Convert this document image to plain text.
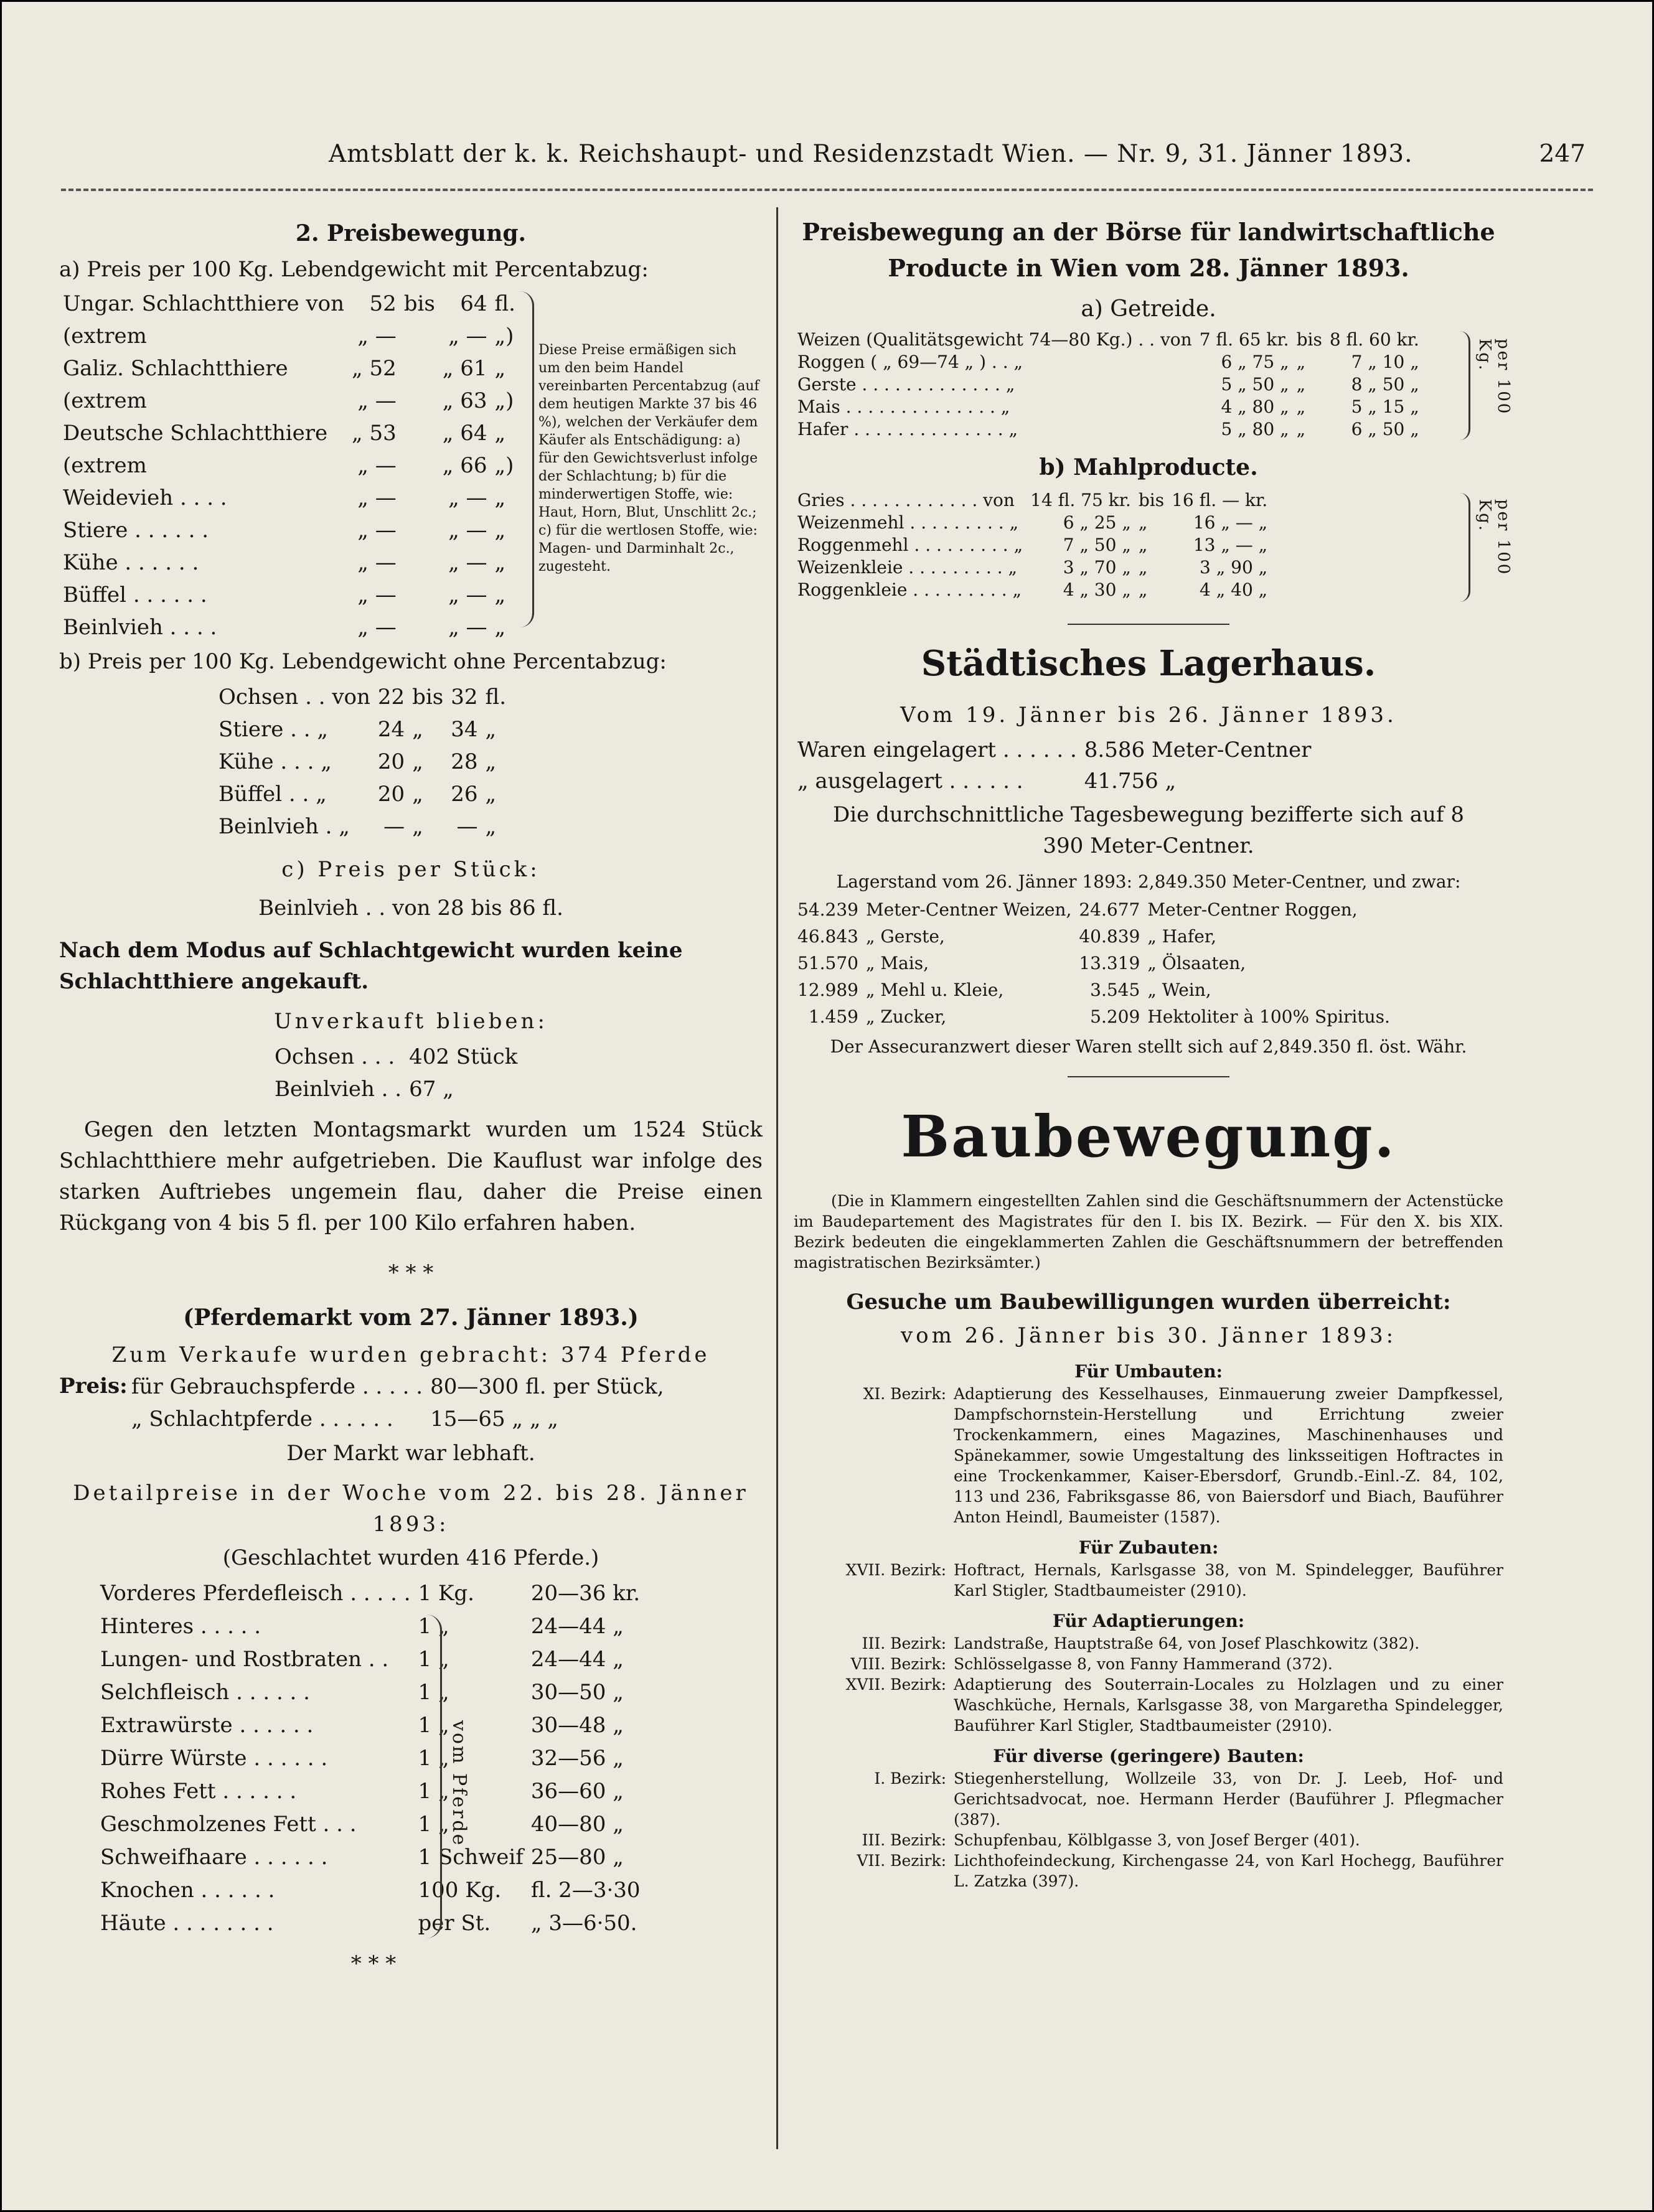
Amtsblatt der k. k. Reichshaupt- und Residenzstadt Wien. — Nr. 9, 31. Jänner 1893.	247
2. Preisbewegung.
a) Preis per 100 Kg. Lebendgewicht mit Percentabzug:
Ungar. Schlachtthiere von	52	bis	64	fl.
(extrem	„ —		„ —	„)
Galiz. Schlachtthiere	„ 52		„ 61	„
(extrem	„ —		„ 63	„)
Deutsche Schlachtthiere	„ 53		„ 64	„
(extrem	„ —		„ 66	„)
Weidevieh . . . .	„ —		„ —	„
Stiere . . . . . .	„ —		„ —	„
Kühe . . . . . .	„ —		„ —	„
Büffel . . . . . .	„ —		„ —	„
Beinlvieh . . . .	„ —		„ —	„
Diese Preise ermäßigen sich um den beim Handel vereinbarten Percentabzug (auf dem heutigen Markte 37 bis 46 %), welchen der Verkäufer dem Käufer als Entschädigung: a) für den Gewichtsverlust infolge der Schlachtung; b) für die minderwertigen Stoffe, wie: Haut, Horn, Blut, Unschlitt 2c.; c) für die wertlosen Stoffe, wie: Magen- und Darminhalt 2c., zugesteht.
b) Preis per 100 Kg. Lebendgewicht ohne Percentabzug:
Ochsen . . von	22	bis	32	fl.
Stiere . . „	24	„	34	„
Kühe . . . „	20	„	28	„
Büffel . . „	20	„	26	„
Beinlvieh . „	—	„	—	„
c) Preis per Stück:
Beinlvieh . . von 28 bis 86 fl.
Nach dem Modus auf Schlachtgewicht wurden keine Schlachtthiere angekauft.
Unverkauft blieben:
Ochsen . . .	402 Stück
Beinlvieh . .	67 „
Gegen den letzten Montagsmarkt wurden um 1524 Stück Schlachtthiere mehr aufgetrieben. Die Kauflust war infolge des starken Auftriebes ungemein flau, daher die Preise einen Rückgang von 4 bis 5 fl. per 100 Kilo erfahren haben.
* * *
(Pferdemarkt vom 27. Jänner 1893.)
Zum Verkaufe wurden gebracht: 374 Pferde
Preis: für Gebrauchspferde . . . . .	80—300 fl. per Stück,
„ Schlachtpferde . . . . . .	15—65 „ „ „
Der Markt war lebhaft.
Detailpreise in der Woche vom 22. bis 28. Jänner 1893:
(Geschlachtet wurden 416 Pferde.)
Vorderes Pferdefleisch . . . . .	1 Kg.	20—36 kr.
Hinteres . . . . .	1 „	24—44 „
Lungen- und Rostbraten . .	1 „	24—44 „
Selchfleisch . . . . . .	1 „	30—50 „
Extrawürste . . . . . .	1 „	30—48 „
Dürre Würste . . . . . .	1 „	32—56 „
Rohes Fett . . . . . .	1 „	36—60 „
Geschmolzenes Fett . . .	1 „	40—80 „
Schweifhaare . . . . . .	1 Schweif	25—80 „
Knochen . . . . . .	100 Kg.	fl. 2—3·30
Häute . . . . . . . .	per St.	„ 3—6·50.
vom Pferde
* * *
Preisbewegung an der Börse für landwirtschaftliche Producte in Wien vom 28. Jänner 1893.
a) Getreide.
Weizen (Qualitätsgewicht 74—80 Kg.) . . von	7 fl. 65 kr.	bis	8 fl. 60 kr.
Roggen ( „ 69—74 „ ) . . „	6 „ 75 „	„	7 „ 10 „
Gerste . . . . . . . . . . . . . „	5 „ 50 „	„	8 „ 50 „
Mais . . . . . . . . . . . . . . „	4 „ 80 „	„	5 „ 15 „
Hafer . . . . . . . . . . . . . . „	5 „ 80 „	„	6 „ 50 „
per 100 Kg.
b) Mahlproducte.
Gries . . . . . . . . . . . . von	14 fl. 75 kr.	bis	16 fl. — kr.
Weizenmehl . . . . . . . . . „	6 „ 25 „	„	16 „ — „
Roggenmehl . . . . . . . . . „	7 „ 50 „	„	13 „ — „
Weizenkleie . . . . . . . . . „	3 „ 70 „	„	3 „ 90 „
Roggenkleie . . . . . . . . . „	4 „ 30 „	„	4 „ 40 „
per 100 Kg.
Städtisches Lagerhaus.
Vom 19. Jänner bis 26. Jänner 1893.
Waren eingelagert . . . . . .	8.586 Meter-Centner
„ ausgelagert . . . . . .	41.756 „
Die durchschnittliche Tagesbewegung bezifferte sich auf 8 390 Meter-Centner.
Lagerstand vom 26. Jänner 1893: 2,849.350 Meter-Centner, und zwar:
54.239	Meter-Centner Weizen,	24.677	Meter-Centner Roggen,
46.843	„ Gerste,	40.839	„ Hafer,
51.570	„ Mais,	13.319	„ Ölsaaten,
12.989	„ Mehl u. Kleie,	3.545	„ Wein,
1.459	„ Zucker,	5.209	Hektoliter à 100% Spiritus.
Der Assecuranzwert dieser Waren stellt sich auf 2,849.350 fl. öst. Währ.
Baubewegung.
(Die in Klammern eingestellten Zahlen sind die Geschäftsnummern der Actenstücke im Baudepartement des Magistrates für den I. bis IX. Bezirk. — Für den X. bis XIX. Bezirk bedeuten die eingeklammerten Zahlen die Geschäftsnummern der betreffenden magistratischen Bezirksämter.)
Gesuche um Baubewilligungen wurden überreicht:
vom 26. Jänner bis 30. Jänner 1893:
Für Umbauten:
XI. Bezirk: Adaptierung des Kesselhauses, Einmauerung zweier Dampfkessel, Dampfschornstein-Herstellung und Errichtung zweier Trockenkammern, eines Magazines, Maschinenhauses und Spänekammer, sowie Umgestaltung des linksseitigen Hoftractes in eine Trockenkammer, Kaiser-Ebersdorf, Grundb.-Einl.-Z. 84, 102, 113 und 236, Fabriksgasse 86, von Baiersdorf und Biach, Bauführer Anton Heindl, Baumeister (1587).
Für Zubauten:
XVII. Bezirk: Hoftract, Hernals, Karlsgasse 38, von M. Spindelegger, Bauführer Karl Stigler, Stadtbaumeister (2910).
Für Adaptierungen:
III. Bezirk: Landstraße, Hauptstraße 64, von Josef Plaschkowitz (382).
VIII. Bezirk: Schlösselgasse 8, von Fanny Hammerand (372).
XVII. Bezirk: Adaptierung des Souterrain-Locales zu Holzlagen und zu einer Waschküche, Hernals, Karlsgasse 38, von Margaretha Spindelegger, Bauführer Karl Stigler, Stadtbaumeister (2910).
Für diverse (geringere) Bauten:
I. Bezirk: Stiegenherstellung, Wollzeile 33, von Dr. J. Leeb, Hof- und Gerichtsadvocat, noe. Hermann Herder (Bauführer J. Pflegmacher (387).
III. Bezirk: Schupfenbau, Kölblgasse 3, von Josef Berger (401).
VII. Bezirk: Lichthofeindeckung, Kirchengasse 24, von Karl Hochegg, Bauführer L. Zatzka (397).
